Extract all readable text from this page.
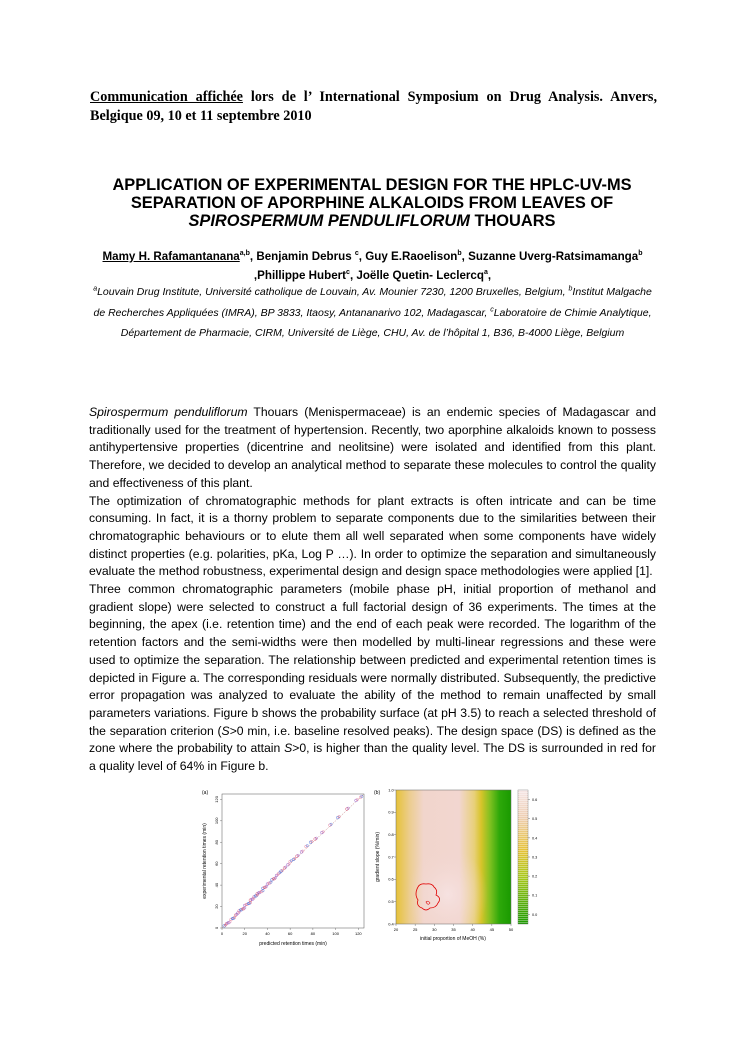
Communication affichée lors de l’ International Symposium on Drug Analysis. Anvers, Belgique 09, 10 et 11 septembre 2010
APPLICATION OF EXPERIMENTAL DESIGN FOR THE HPLC-UV-MS
SEPARATION OF APORPHINE ALKALOIDS FROM LEAVES OF
SPIROSPERMUM PENDULIFLORUM THOUARS
Mamy H. Rafamantanana$^{a,b}$, Benjamin Debrus $^c$, Guy E.Raoelison$^b$, Suzanne Uverg-Ratsimamanga$^b$ ,Phillippe Hubert$^c$, Joëlle Quetin- Leclercq$^a$,
$^a$Louvain Drug Institute, Université catholique de Louvain, Av. Mounier 7230, 1200 Bruxelles, Belgium, $^b$Institut Malgache de Recherches Appliquées (IMRA), BP 3833, Itaosy, Antananarivo 102, Madagascar, $^c$Laboratoire de Chimie Analytique, Département de Pharmacie, CIRM, Université de Liège, CHU, Av. de l’hôpital 1, B36, B-4000 Liège, Belgium

Spirospermum penduliflorum Thouars (Menispermaceae) is an endemic species of Madagascar and traditionally used for the treatment of hypertension. Recently, two aporphine alkaloids known to possess antihypertensive properties (dicentrine and neolitsine) were isolated and identified from this plant. Therefore, we decided to develop an analytical method to separate these molecules to control the quality and effectiveness of this plant.

The optimization of chromatographic methods for plant extracts is often intricate and can be time consuming. In fact, it is a thorny problem to separate components due to the similarities between their chromatographic behaviours or to elute them all well separated when some components have widely distinct properties (e.g. polarities, pKa, Log P …). In order to optimize the separation and simultaneously evaluate the method robustness, experimental design and design space methodologies were applied [1].

Three common chromatographic parameters (mobile phase pH, initial proportion of methanol and gradient slope) were selected to construct a full factorial design of 36 experiments. The times at the beginning, the apex (i.e. retention time) and the end of each peak were recorded. The logarithm of the retention factors and the semi-widths were then modelled by multi-linear regressions and these were used to optimize the separation. The relationship between predicted and experimental retention times is depicted in Figure a. The corresponding residuals were normally distributed. Subsequently, the predictive error propagation was analyzed to evaluate the ability of the method to remain unaffected by small parameters variations. Figure b shows the probability surface (at pH 3.5) to reach a selected threshold of the separation criterion (S>0 min, i.e. baseline resolved peaks). The design space (DS) is defined as the zone where the probability to attain S>0, is higher than the quality level. The DS is surrounded in red for a quality level of 64% in Figure b.

(a)
0	20	40	60	80	100	120
0
20
40
60
80
100
120
predicted retention times (min)
experimental retention times (min)
(b)
20	25	30	35	40	45	50
0.4
0.5
0.6
0.7
0.8
0.9
1.0
0.0
0.1
0.2
0.3
0.4
0.5
0.6
initial proportion of MeOH (%)
gradient slope (%/min)
